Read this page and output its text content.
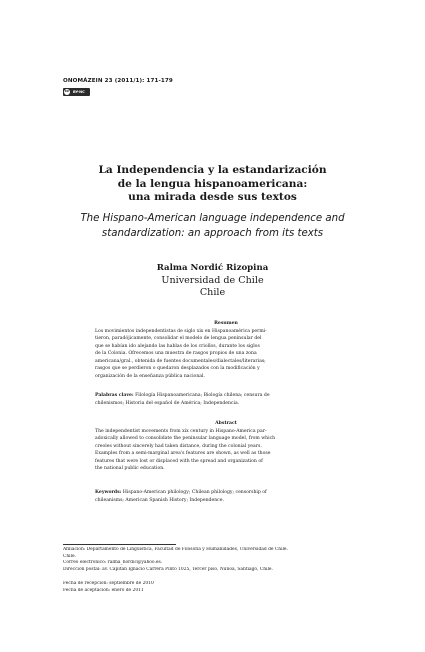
ONOMÁZEIN 23 (2011/1): 171-179
cc BY-NC
La Independencia y la estandarización
de la lengua hispanoamericana:
una mirada desde sus textos
The Hispano-American language independence and
standardization: an approach from its texts
Ralma Nordić Rizopina
Universidad de Chile
Chile
Resumen

Los movimientos independentistas de siglo xix en Hispanoamérica permi-

tieron, paradójicamente, consolidar el modelo de lengua peninsular del

que se habían ido alejando las hablas de los criollos, durante los siglos

de la Colonia. Ofrecemos una muestra de rasgos propios de una zona

americana/gral., obtenida de fuentes documentales/dialectales/literarias;

rasgos que se perdieron o quedaron desplazados con la modificación y

organización de la enseñanza pública nacional.

Palabras clave: Filología Hispanoamericana; Biología chilena; censura de

chilenismos; Historia del español de América; Independencia.

Abstract

The independentist movements from xix century in Hispano-America par-

adoxically allowed to consolidate the peninsular language model, from which

creoles without sincerely had taken distance, during the colonial years.

Examples from a semi-marginal area's features are shown, as well as those

features that were lost or displaced with the spread and organization of

the national public education.

Keywords: Hispano-American philology; Chilean philology; censorship of

chileanisms; American Spanish History; Independence.

Afiliación: Departamento de Lingüística, Facultad de Filosofía y Humanidades, Universidad de Chile.
Chile.
Correo electrónico: ralma_hordic@yahoo.es.
Dirección postal: av. Capitán Ignacio Carrera Pinto 1025, Tercer piso, Ñuñoa, Santiago, Chile.
Fecha de recepción: septiembre de 2010
Fecha de aceptación: enero de 2011
